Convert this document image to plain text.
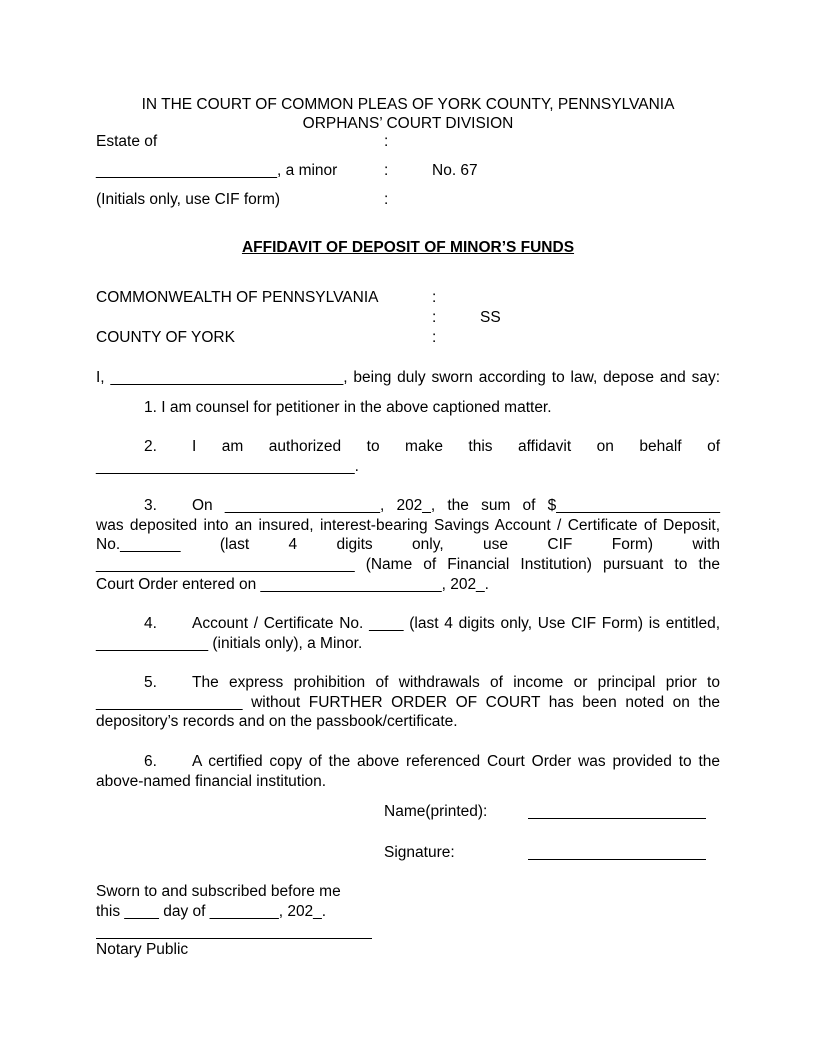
IN THE COURT OF COMMON PLEAS OF YORK COUNTY, PENNSYLVANIA
ORPHANS’ COURT DIVISION
Estate of	:
_____________________, a minor	:	No. 67
(Initials only, use CIF form)	:
AFFIDAVIT OF DEPOSIT OF MINOR’S FUNDS
COMMONWEALTH OF PENNSYLVANIA	:
:	SS
COUNTY OF YORK	:
I, ___________________________, being duly sworn according to law, depose and say:
1. I am counsel for petitioner in the above captioned matter.
2. I am authorized to make this affidavit on behalf of
______________________________.
3. On __________________, 202_, the sum of $___________________
was deposited into an insured, interest-bearing Savings Account / Certificate of Deposit,
No._______ (last 4 digits only, use CIF Form) with
______________________________ (Name of Financial Institution) pursuant to the
Court Order entered on _____________________, 202_.
4. Account / Certificate No. ____ (last 4 digits only, Use CIF Form) is entitled,
_____________ (initials only), a Minor.
5. The express prohibition of withdrawals of income or principal prior to
_________________ without FURTHER ORDER OF COURT has been noted on the
depository’s records and on the passbook/certificate.
6. A certified copy of the above referenced Court Order was provided to the
above-named financial institution.
Name(printed):
Signature:
Sworn to and subscribed before me
this ____ day of ________, 202_.
Notary Public
